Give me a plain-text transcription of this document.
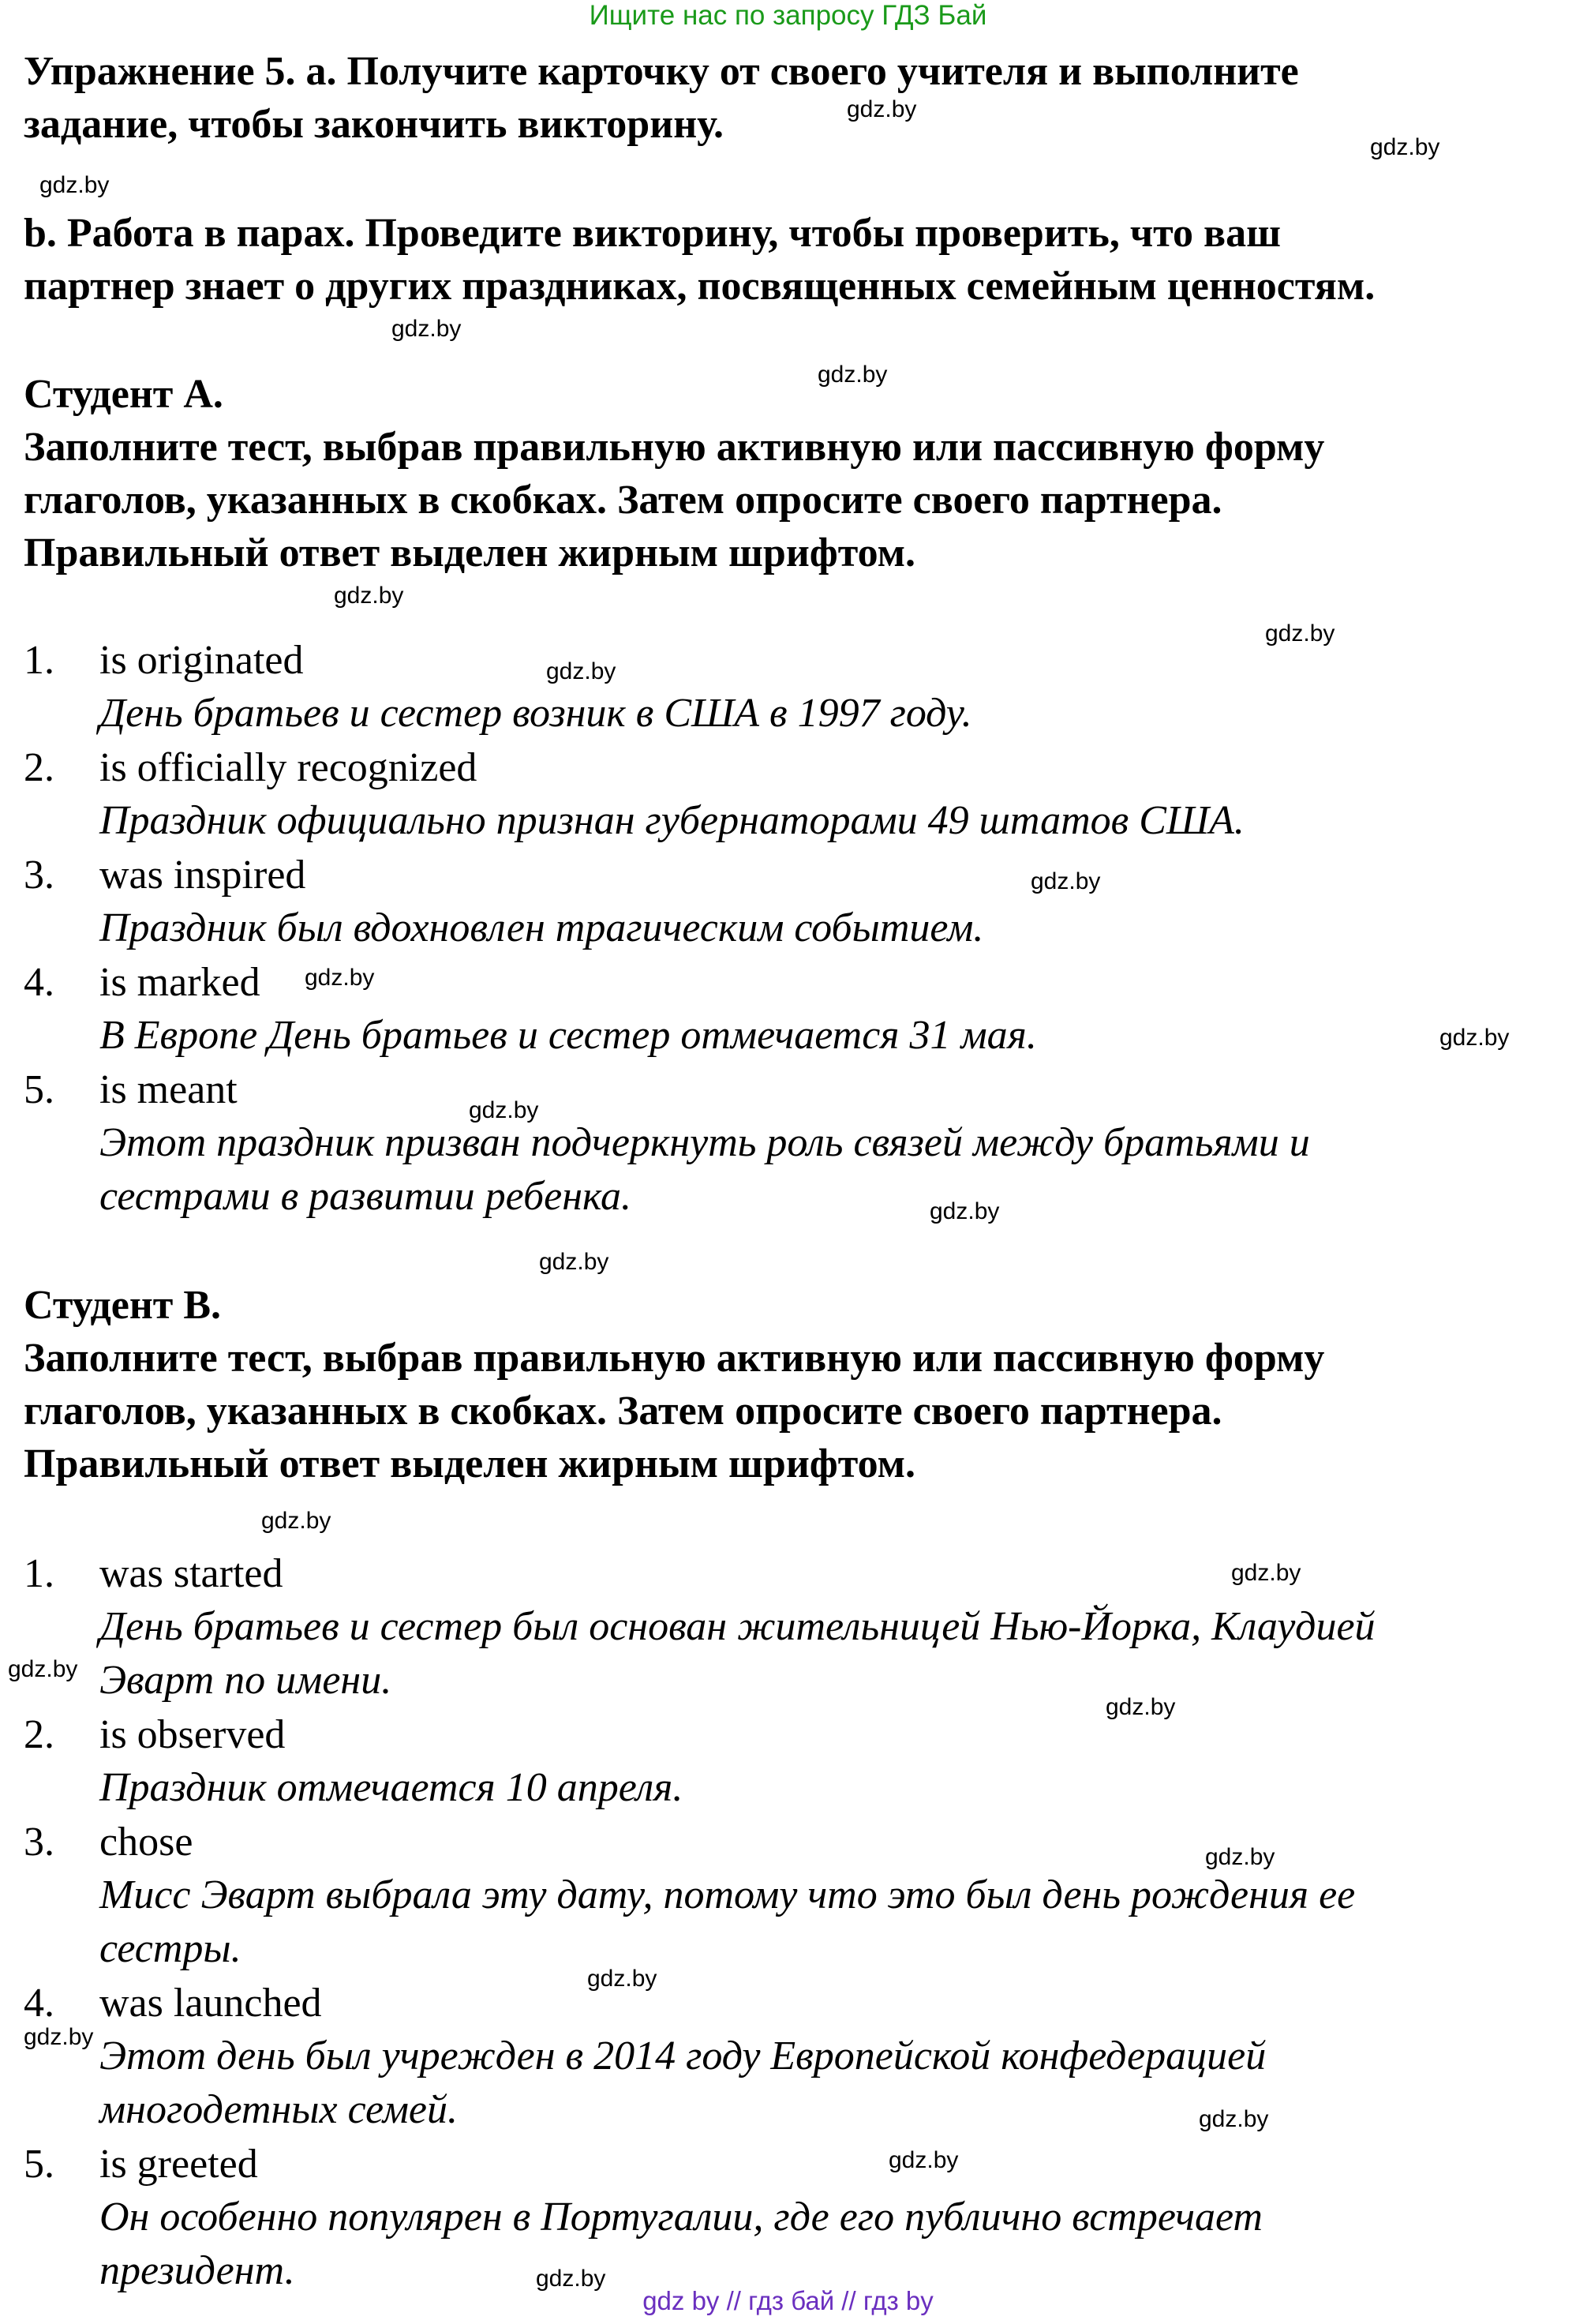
Ищите нас по запросу ГДЗ Бай
Упражнение 5. a. Получите карточку от своего учителя и выполните
задание, чтобы закончить викторину.
b. Работа в парах. Проведите викторину, чтобы проверить, что ваш
партнер знает о других праздниках, посвященных семейным ценностям.
Студент А.
Заполните тест, выбрав правильную активную или пассивную форму
глаголов, указанных в скобках. Затем опросите своего партнера.
Правильный ответ выделен жирным шрифтом.
1. is originated
День братьев и сестер возник в США в 1997 году.
2. is officially recognized
Праздник официально признан губернаторами 49 штатов США.
3. was inspired
Праздник был вдохновлен трагическим событием.
4. is marked
В Европе День братьев и сестер отмечается 31 мая.
5. is meant
Этот праздник призван подчеркнуть роль связей между братьями и
сестрами в развитии ребенка.
Студент В.
Заполните тест, выбрав правильную активную или пассивную форму
глаголов, указанных в скобках. Затем опросите своего партнера.
Правильный ответ выделен жирным шрифтом.
1. was started
День братьев и сестер был основан жительницей Нью-Йорка, Клаудией
Эварт по имени.
2. is observed
Праздник отмечается 10 апреля.
3. chose
Мисс Эварт выбрала эту дату, потому что это был день рождения ее
сестры.
4. was launched
Этот день был учрежден в 2014 году Европейской конфедерацией
многодетных семей.
5. is greeted
Он особенно популярен в Португалии, где его публично встречает
президент.
gdz.by
gdz.by
gdz.by
gdz.by
gdz.by
gdz.by
gdz.by
gdz.by
gdz.by
gdz.by
gdz.by
gdz.by
gdz.by
gdz.by
gdz.by
gdz.by
gdz.by
gdz.by
gdz.by
gdz.by
gdz.by
gdz.by
gdz.by
gdz.by
gdz by // гдз бай // гдз by
